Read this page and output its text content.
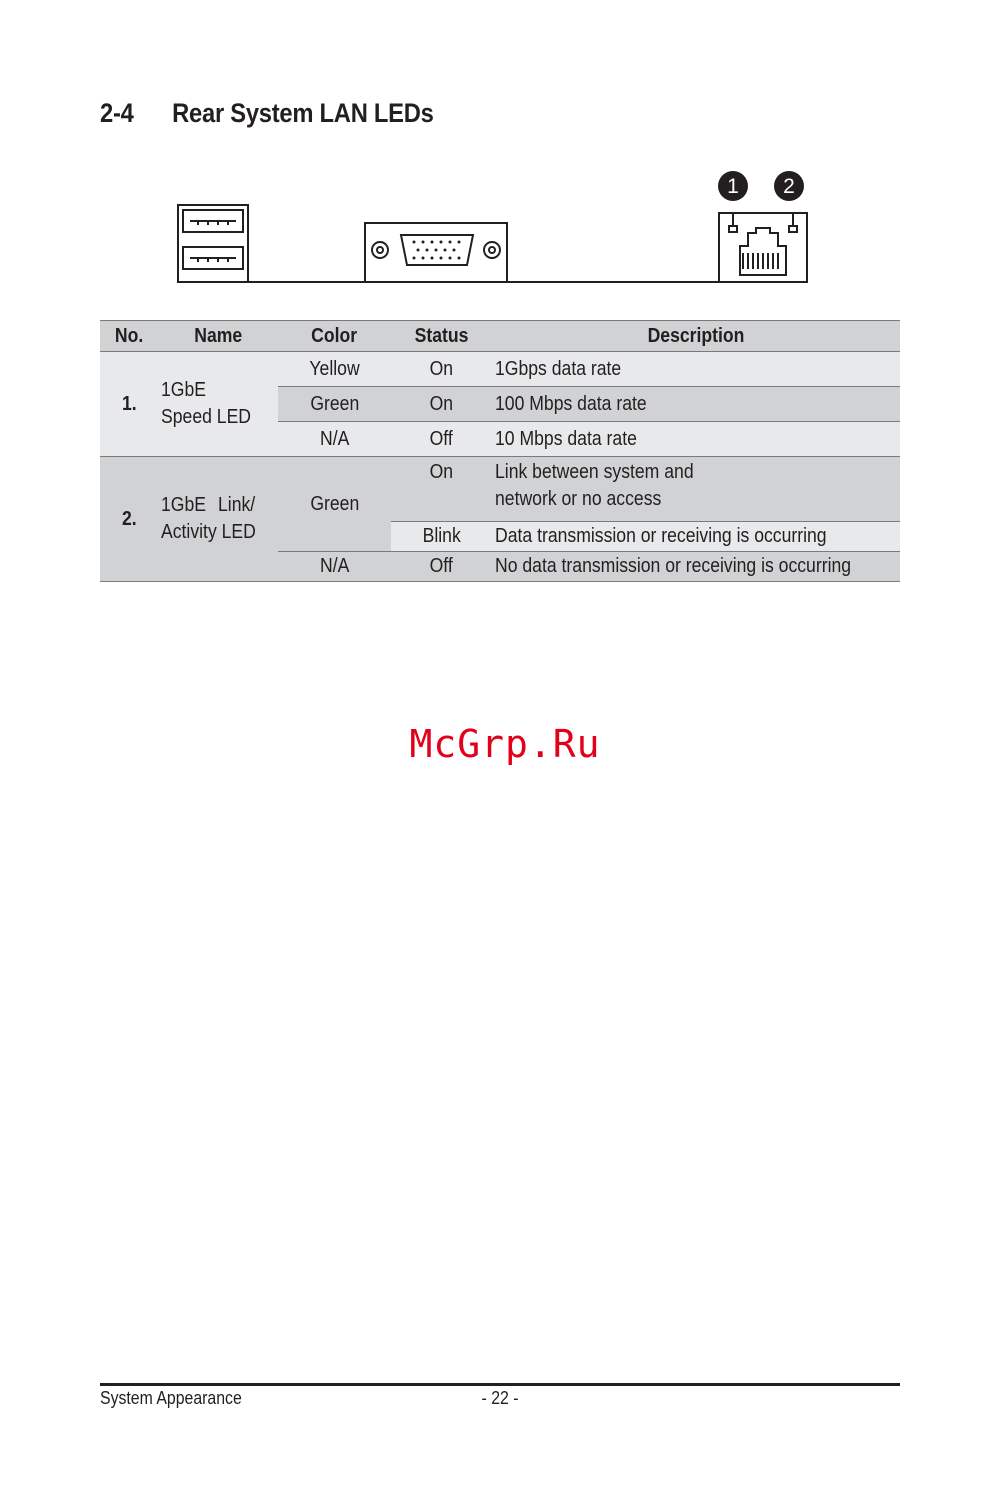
2-4 Rear System LAN LEDs
1 2
No.	Name	Color	Status	Description
1.	1GbE Speed LED	Yellow	On	1Gbps data rate
		Green	On	100 Mbps data rate
		N/A	Off	10 Mbps data rate
2.	1GbE Link/ Activity LED	Green	On	Link between system and network or no access
			Blink	Data transmission or receiving is occurring
		N/A	Off	No data transmission or receiving is occurring
McGrp.Ru
System Appearance	- 22 -
